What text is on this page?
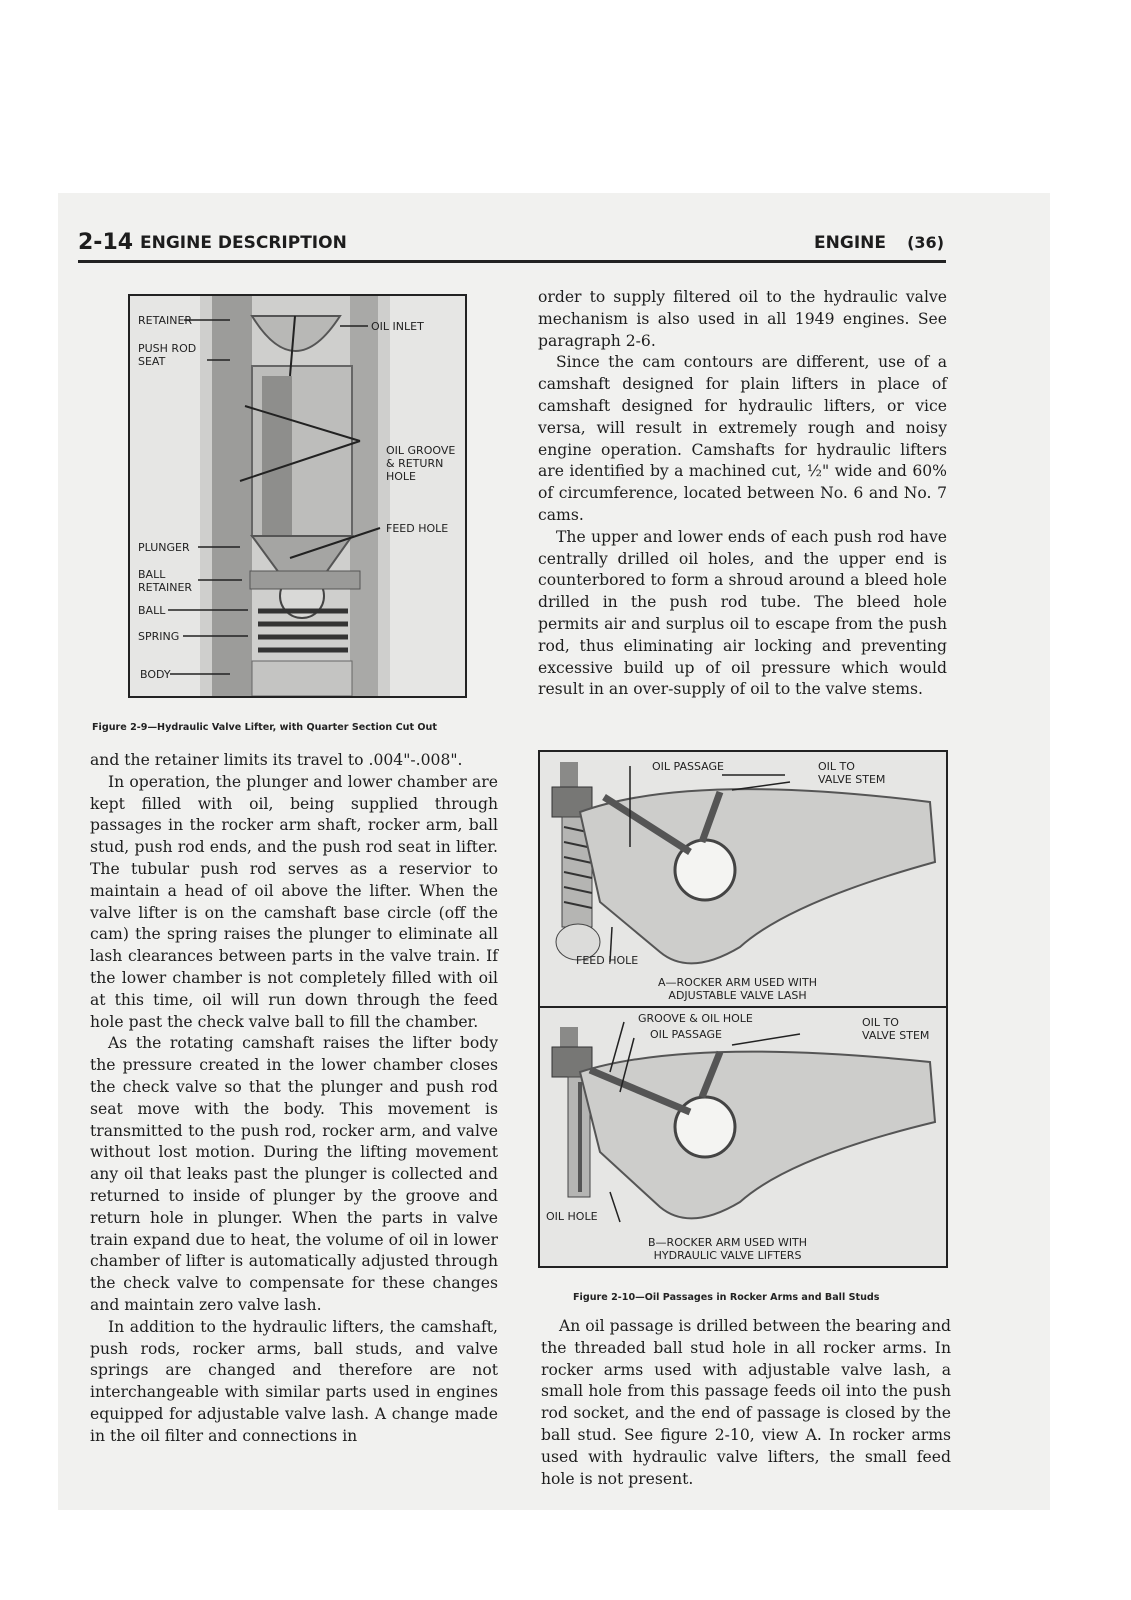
2-14 ENGINE DESCRIPTION	ENGINE (36)
RETAINER
PUSH ROD
SEAT
OIL INLET
OIL GROOVE
& RETURN
HOLE
FEED HOLE
PLUNGER
BALL
RETAINER
BALL
SPRING
BODY
Figure 2-9—Hydraulic Valve Lifter, with Quarter Section Cut Out

and the retainer limits its travel to .004"-.008".

In operation, the plunger and lower chamber are kept filled with oil, being supplied through passages in the rocker arm shaft, rocker arm, ball stud, push rod ends, and the push rod seat in lifter. The tubular push rod serves as a reservior to maintain a head of oil above the lifter. When the valve lifter is on the camshaft base circle (off the cam) the spring raises the plunger to eliminate all lash clearances between parts in the valve train. If the lower chamber is not completely filled with oil at this time, oil will run down through the feed hole past the check valve ball to fill the chamber.

As the rotating camshaft raises the lifter body the pressure created in the lower chamber closes the check valve so that the plunger and push rod seat move with the body. This movement is transmitted to the push rod, rocker arm, and valve without lost motion. During the lifting movement any oil that leaks past the plunger is collected and returned to inside of plunger by the groove and return hole in plunger. When the parts in valve train expand due to heat, the volume of oil in lower chamber of lifter is automatically adjusted through the check valve to compensate for these changes and maintain zero valve lash.

In addition to the hydraulic lifters, the camshaft, push rods, rocker arms, ball studs, and valve springs are changed and therefore are not interchangeable with similar parts used in engines equipped for adjustable valve lash. A change made in the oil filter and connections in

order to supply filtered oil to the hydraulic valve mechanism is also used in all 1949 engines. See paragraph 2-6.

Since the cam contours are different, use of a camshaft designed for plain lifters in place of camshaft designed for hydraulic lifters, or vice versa, will result in extremely rough and noisy engine operation. Camshafts for hydraulic lifters are identified by a machined cut, ½" wide and 60% of circumference, located between No. 6 and No. 7 cams.

The upper and lower ends of each push rod have centrally drilled oil holes, and the upper end is counterbored to form a shroud around a bleed hole drilled in the push rod tube. The bleed hole permits air and surplus oil to escape from the push rod, thus eliminating air locking and preventing excessive build up of oil pressure which would result in an over-supply of oil to the valve stems.

OIL PASSAGE	OIL TO
VALVE STEM
FEED HOLE
A—ROCKER ARM USED WITH
ADJUSTABLE VALVE LASH
GROOVE & OIL HOLE
OIL PASSAGE
OIL TO
VALVE STEM
OIL HOLE
B—ROCKER ARM USED WITH
HYDRAULIC VALVE LIFTERS
Figure 2-10—Oil Passages in Rocker Arms and Ball Studs

An oil passage is drilled between the bearing and the threaded ball stud hole in all rocker arms. In rocker arms used with adjustable valve lash, a small hole from this passage feeds oil into the push rod socket, and the end of passage is closed by the ball stud. See figure 2-10, view A. In rocker arms used with hydraulic valve lifters, the small feed hole is not present.
